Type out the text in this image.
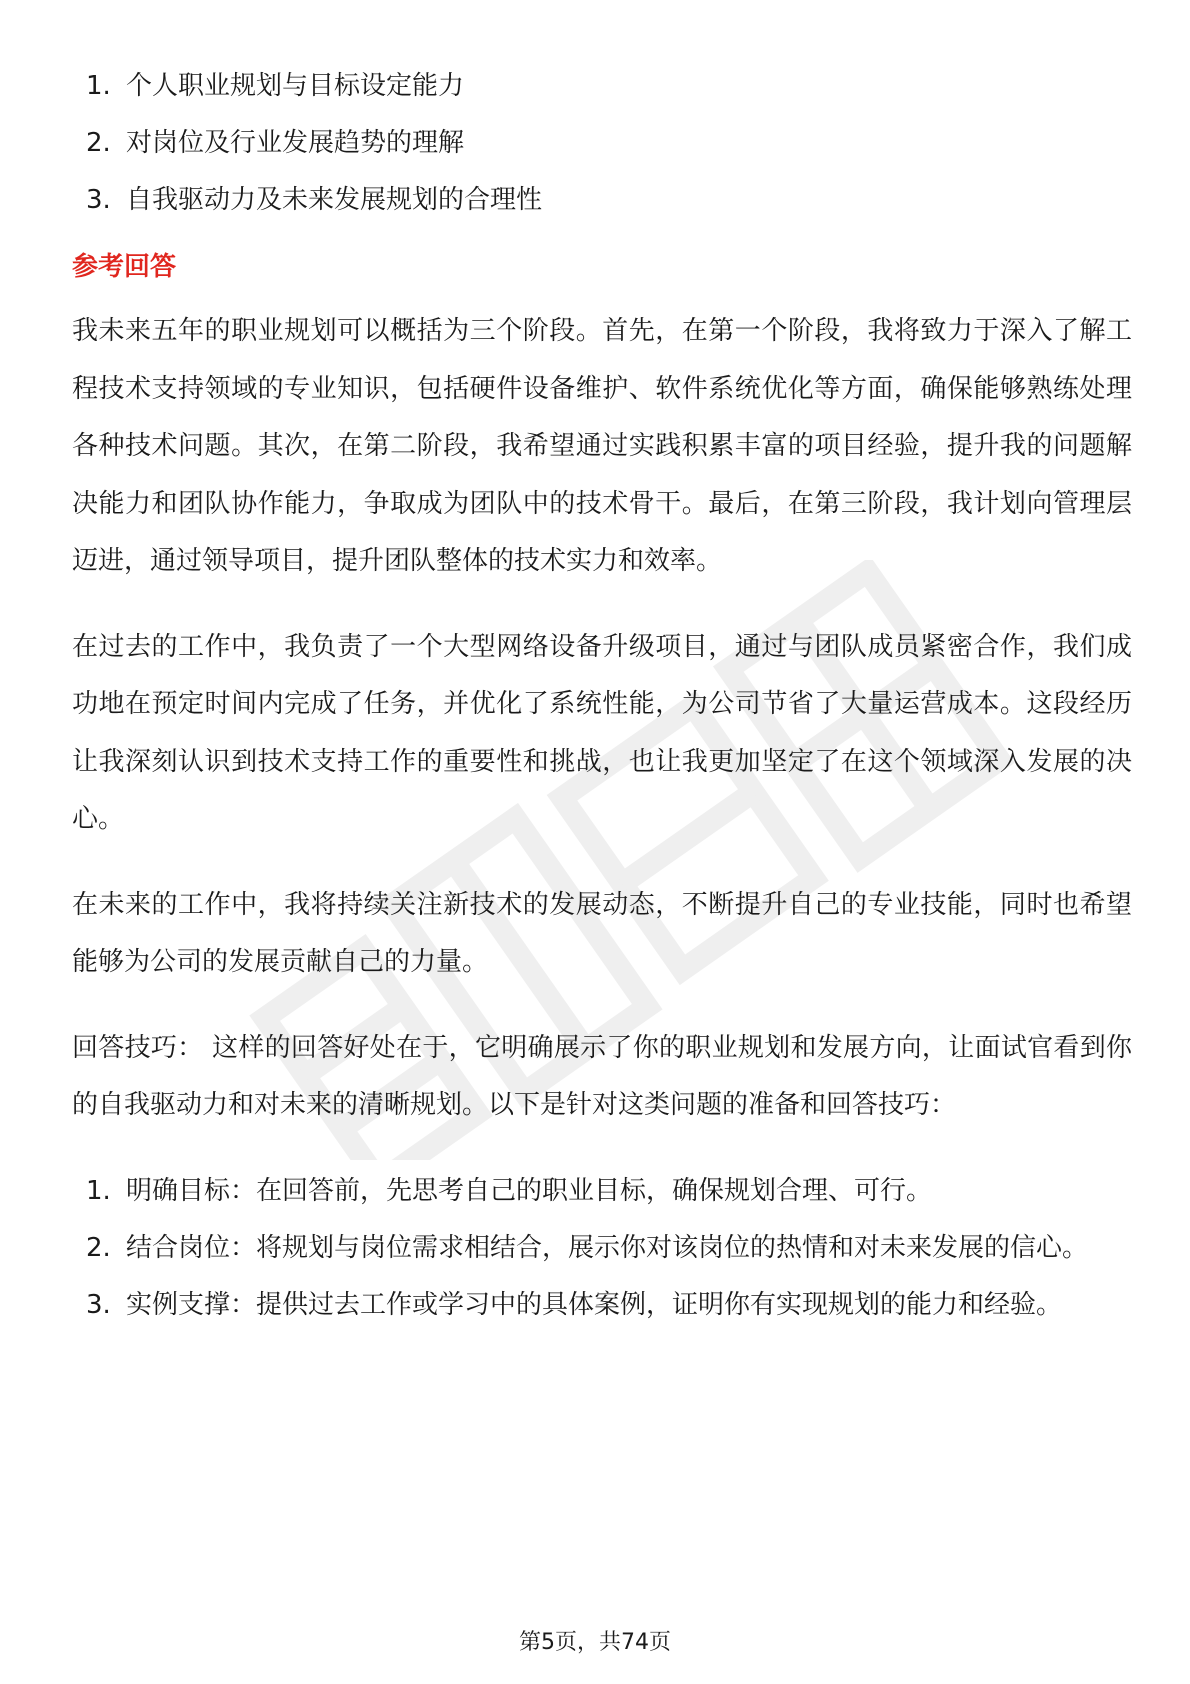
1. 个人职业规划与目标设定能力
2. 对岗位及行业发展趋势的理解
3. 自我驱动力及未来发展规划的合理性
参考回答

我未来五年的职业规划可以概括为三个阶段。首先，在第一个阶段，我将致力于深入了解工程技术支持领域的专业知识，包括硬件设备维护、软件系统优化等方面，确保能够熟练处理各种技术问题。其次，在第二阶段，我希望通过实践积累丰富的项目经验，提升我的问题解决能力和团队协作能力，争取成为团队中的技术骨干。最后，在第三阶段，我计划向管理层迈进，通过领导项目，提升团队整体的技术实力和效率。

在过去的工作中，我负责了一个大型网络设备升级项目，通过与团队成员紧密合作，我们成功地在预定时间内完成了任务，并优化了系统性能，为公司节省了大量运营成本。这段经历让我深刻认识到技术支持工作的重要性和挑战，也让我更加坚定了在这个领域深入发展的决心。

在未来的工作中，我将持续关注新技术的发展动态，不断提升自己的专业技能，同时也希望能够为公司的发展贡献自己的力量。

回答技巧： 这样的回答好处在于，它明确展示了你的职业规划和发展方向，让面试官看到你的自我驱动力和对未来的清晰规划。以下是针对这类问题的准备和回答技巧：

1. 明确目标：在回答前，先思考自己的职业目标，确保规划合理、可行。
2. 结合岗位：将规划与岗位需求相结合，展示你对该岗位的热情和对未来发展的信心。
3. 实例支撑：提供过去工作或学习中的具体案例，证明你有实现规划的能力和经验。
第5页，共74页
